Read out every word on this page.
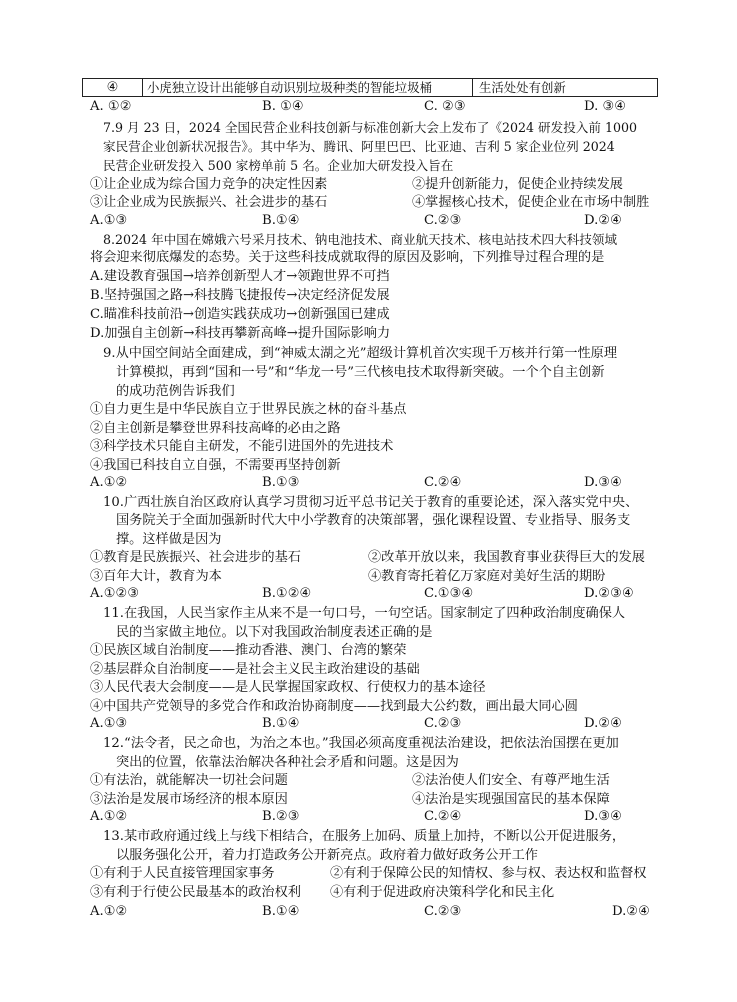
④	小虎独立设计出能够自动识别垃圾种类的智能垃圾桶	生活处处有创新
A. ①②	B. ①④	C. ②③	D. ③④
7.9 月 23 日，2024 全国民营企业科技创新与标准创新大会上发布了《2024 研发投入前 1000
家民营企业创新状况报告》。其中华为、腾讯、阿里巴巴、比亚迪、吉利 5 家企业位列 2024
民营企业研发投入 500 家榜单前 5 名。企业加大研发投入旨在
①让企业成为综合国力竞争的决定性因素	②提升创新能力，促使企业持续发展
③让企业成为民族振兴、社会进步的基石	④掌握核心技术，促使企业在市场中制胜
A.①③	B.①④	C.②③	D.②④
8.2024 年中国在嫦娥六号采月技术、钠电池技术、商业航天技术、核电站技术四大科技领域
将会迎来彻底爆发的态势。关于这些科技成就取得的原因及影响，下列推导过程合理的是
A.建设教育强国→培养创新型人才→领跑世界不可挡
B.坚持强国之路→科技腾飞捷报传→决定经济促发展
C.瞄准科技前沿→创造实践获成功→创新强国已建成
D.加强自主创新→科技再攀新高峰→提升国际影响力
9.从中国空间站全面建成，到“神威太湖之光”超级计算机首次实现千万核并行第一性原理
计算模拟，再到“国和一号”和“华龙一号”三代核电技术取得新突破。一个个自主创新
的成功范例告诉我们
①自力更生是中华民族自立于世界民族之林的奋斗基点
②自主创新是攀登世界科技高峰的必由之路
③科学技术只能自主研发，不能引进国外的先进技术
④我国已科技自立自强，不需要再坚持创新
A.①②	B.①③	C.②④	D.③④
10.广西壮族自治区政府认真学习贯彻习近平总书记关于教育的重要论述，深入落实党中央、
国务院关于全面加强新时代大中小学教育的决策部署，强化课程设置、专业指导、服务支
撑。这样做是因为
①教育是民族振兴、社会进步的基石	②改革开放以来，我国教育事业获得巨大的发展
③百年大计，教育为本	④教育寄托着亿万家庭对美好生活的期盼
A.①②③	B.①②④	C.①③④	D.②③④
11.在我国，人民当家作主从来不是一句口号，一句空话。国家制定了四种政治制度确保人
民的当家做主地位。以下对我国政治制度表述正确的是
①民族区域自治制度——推动香港、澳门、台湾的繁荣
②基层群众自治制度——是社会主义民主政治建设的基础
③人民代表大会制度——是人民掌握国家政权、行使权力的基本途径
④中国共产党领导的多党合作和政治协商制度——找到最大公约数，画出最大同心圆
A.①③	B.①④	C.②③	D.②④
12.“法令者，民之命也，为治之本也。”我国必须高度重视法治建设，把依法治国摆在更加
突出的位置，依靠法治解决各种社会矛盾和问题。这是因为
①有法治，就能解决一切社会问题	②法治使人们安全、有尊严地生活
③法治是发展市场经济的根本原因	④法治是实现强国富民的基本保障
A.①②	B.②③	C.②④	D.③④
13.某市政府通过线上与线下相结合，在服务上加码、质量上加持，不断以公开促进服务，
以服务强化公开，着力打造政务公开新亮点。政府着力做好政务公开工作
①有利于人民直接管理国家事务	②有利于保障公民的知情权、参与权、表达权和监督权
③有利于行使公民最基本的政治权利 ④有利于促进政府决策科学化和民主化
A.①②	B.①④	C.②③	D.②④
